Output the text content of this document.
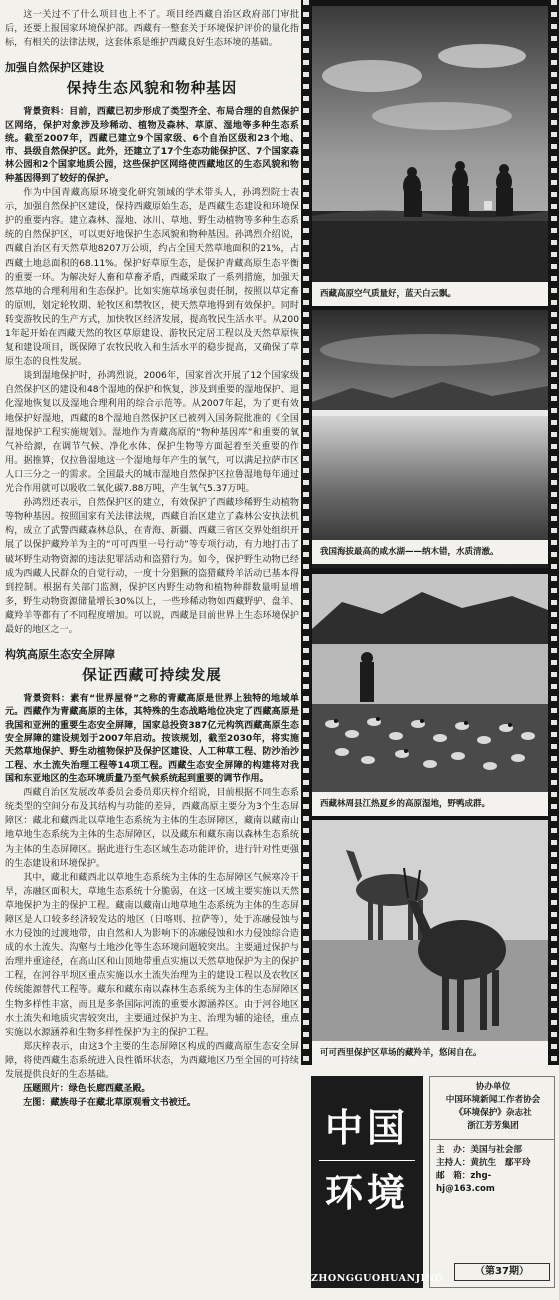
这一关过不了什么项目也上不了。项目经西藏自治区政府部门审批后，还要上报国家环境保护部。西藏有一整套关于环境保护评价的量化指标，有相关的法律法规，这套体系是维护西藏良好生态环境的基础。

加强自然保护区建设
保持生态风貌和物种基因

背景资料：目前，西藏已初步形成了类型齐全、布局合理的自然保护区网络，保护对象涉及珍稀动、植物及森林、草原、湿地等多种生态系统。截至2007年，西藏已建立9个国家级、6个自治区级和23个地、市、县级自然保护区。此外，还建立了17个生态功能保护区、7个国家森林公园和2个国家地质公园，这些保护区网络使西藏地区的生态风貌和物种基因得到了较好的保护。

作为中国青藏高原环境变化研究领域的学术带头人，孙鸿烈院士表示，加强自然保护区建设，保持西藏原始生态，是西藏生态建设和环境保护的重要内容。建立森林、湿地、冰川、草地、野生动植物等多种生态系统的自然保护区，可以更好地保护生态风貌和物种基因。孙鸿烈介绍说，西藏自治区有天然草地8207万公顷，约占全国天然草地面积的21%，占西藏土地总面积的68.11%。保护好草原生态，是保护青藏高原生态平衡的重要一环。为解决好人畜和草畜矛盾，西藏采取了一系列措施，加强天然草地的合理利用和生态保护。比如实施草场承包责任制，按照以草定畜的原则，划定轮牧期、轮牧区和禁牧区，使天然草地得到有效保护。同时转变游牧民的生产方式，加快牧区经济发展，提高牧民生活水平。从2001年起开始在西藏天然的牧区草原建设、游牧民定居工程以及天然草原恢复和建设项目，既保障了农牧民收入和生活水平的稳步提高，又确保了草原生态的良性发展。

谈到湿地保护时，孙鸿烈说，2006年，国家首次开展了12个国家级自然保护区的建设和48个湿地的保护和恢复，涉及到重要的湿地保护、退化湿地恢复以及湿地合理利用的综合示范等。从2007年起，为了更有效地保护好湿地，西藏的8个湿地自然保护区已被列入国务院批准的《全国湿地保护工程实施规划》。湿地作为青藏高原的“物种基因库”和重要的氧气补给源，在调节气候、净化水体、保护生物等方面起着至关重要的作用。据推算，仅拉鲁湿地这一个湿地每年产生的氧气，可以满足拉萨市区人口三分之一的需求。全国最大的城市湿地自然保护区拉鲁湿地每年通过光合作用就可以吸收二氧化碳7.88万吨，产生氧气5.37万吨。

孙鸿烈还表示，自然保护区的建立，有效保护了西藏珍稀野生动植物等物种基因。按照国家有关法律法规，西藏自治区建立了森林公安执法机构，成立了武警西藏森林总队，在青海、新疆、西藏三省区交界处组织开展了以保护藏羚羊为主的“可可西里一号行动”等专项行动，有力地打击了破坏野生动物资源的违法犯罪活动和盗猎行为。如今，保护野生动物已经成为西藏人民群众的自觉行动，一度十分猖獗的盗猎藏羚羊活动已基本得到控制。根据有关部门监测，保护区内野生动物和植物种群数量明显增多，野生动物资源储量增长30%以上，一些珍稀动物如西藏野驴、盘羊、藏羚羊等都有了不同程度增加。可以说，西藏是目前世界上生态环境保护最好的地区之一。

构筑高原生态安全屏障
保证西藏可持续发展

背景资料：素有“世界屋脊”之称的青藏高原是世界上独特的地域单元。西藏作为青藏高原的主体，其特殊的生态战略地位决定了西藏高原是我国和亚洲的重要生态安全屏障，国家总投资387亿元构筑西藏高原生态安全屏障的建设规划于2007年启动。按该规划，截至2030年，将实施天然草地保护、野生动植物保护及保护区建设、人工种草工程、防沙治沙工程、水土流失治理工程等14项工程。西藏生态安全屏障的构建将对我国和东亚地区的生态环境质量乃至气候系统起到重要的调节作用。

西藏自治区发展改革委员会委员郑庆梓介绍说，目前根据不同生态系统类型的空间分布及其结构与功能的差异，西藏高原主要分为3个生态屏障区：藏北和藏西北以草地生态系统为主体的生态屏障区，藏南以藏南山地草地生态系统为主体的生态屏障区，以及藏东和藏东南以森林生态系统为主体的生态屏障区。据此进行生态区域生态功能评价，进行针对性更强的生态建设和环境保护。

其中，藏北和藏西北以草地生态系统为主体的生态屏障区气候寒冷干旱，冻融区面积大，草地生态系统十分脆弱，在这一区域主要实施以天然草地保护为主的保护工程。藏南以藏南山地草地生态系统为主体的生态屏障区是人口较多经济较发达的地区（日喀则、拉萨等），处于冻融侵蚀与水力侵蚀的过渡地带，由自然和人为影响下的冻融侵蚀和水力侵蚀综合造成的水土流失、沟壑与土地沙化等生态环境问题较突出。主要通过保护与治理并重途径，在高山区和山顶地带重点实施以天然草地保护为主的保护工程，在河谷平坝区重点实施以水土流失治理为主的建设工程以及农牧区传统能源替代工程等。藏东和藏东南以森林生态系统为主体的生态屏障区生物多样性丰富，而且是多条国际河流的重要水源涵养区。由于河谷地区水土流失和地质灾害较突出，主要通过保护为主、治理为辅的途径，重点实施以水源涵养和生物多样性保护为主的保护工程。

郑庆梓表示，由这3个主要的生态屏障区构成的西藏高原生态安全屏障，将使西藏生态系统进入良性循环状态，为西藏地区乃至全国的可持续发展提供良好的生态基础。

压题照片：绿色长廊西藏圣殿。

左图：藏族母子在藏北草原观看文书被迁。

西藏高原空气质量好，蓝天白云飘。
我国海拔最高的咸水湖——纳木错，水质清澈。
西藏林周县江热夏乡的高原湿地，野鸭成群。
可可西里保护区草场的藏羚羊，悠闲自在。
中国
环境
ZHONGGUOHUANJING
协办单位
中国环境新闻工作者协会
《环境保护》杂志社
浙江芳芳集团
主　办：美国与社会部
主持人：黄抗生　鄢平玲
邮　箱：zhg-hj@163.com
（第37期）
